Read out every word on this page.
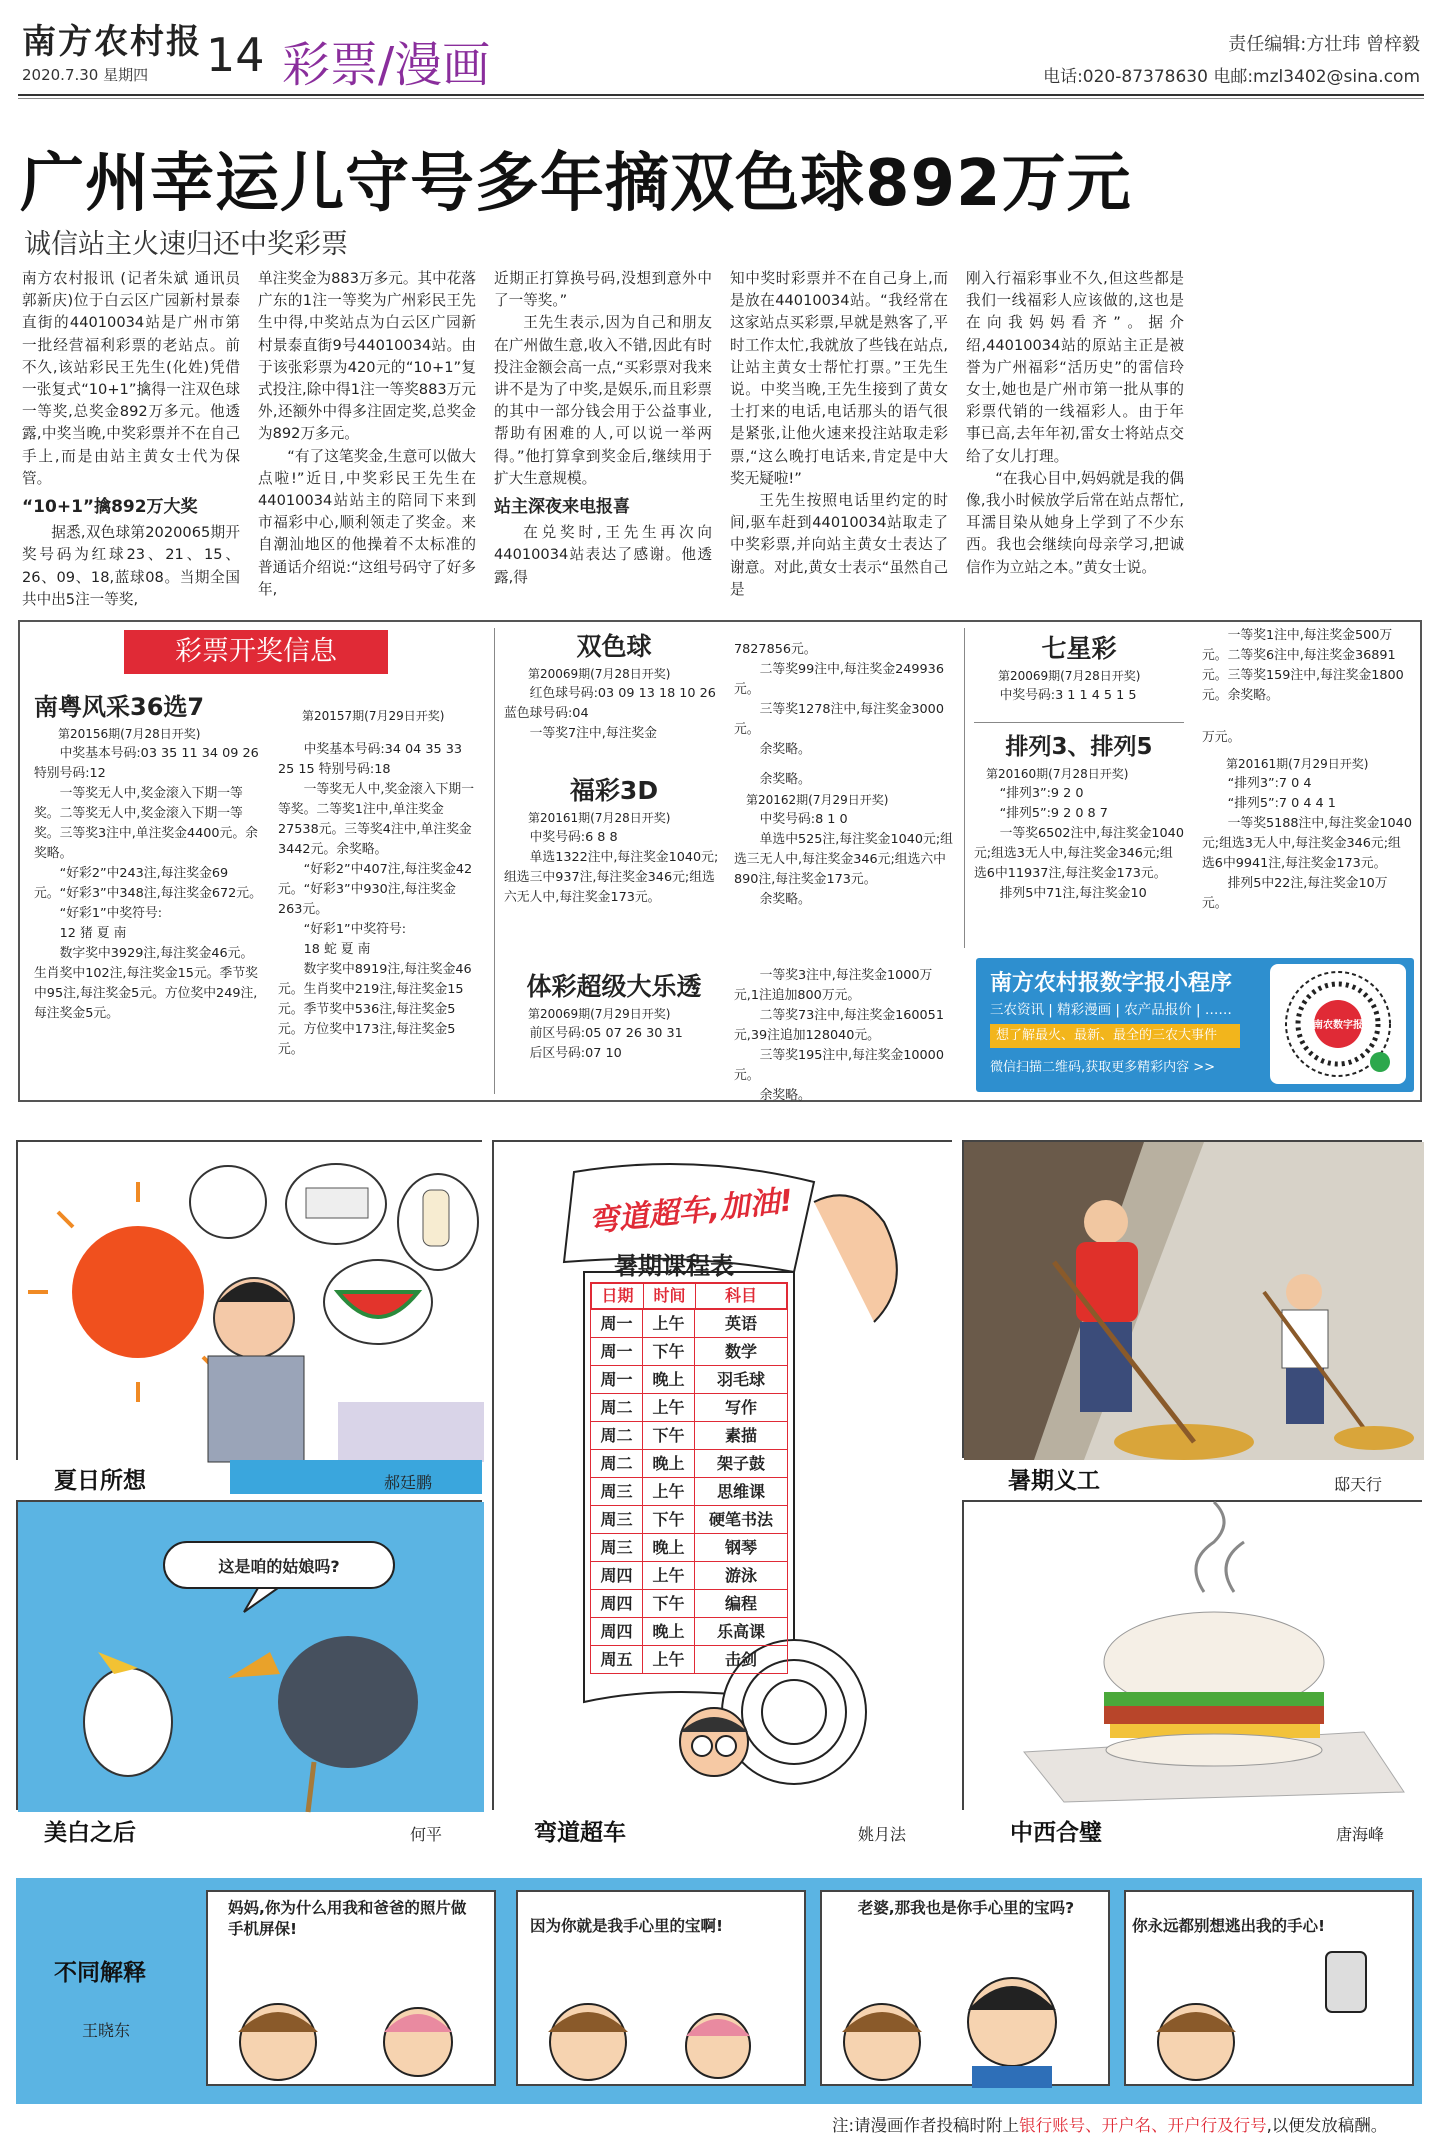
南方农村报
2020.7.30 星期四 14 彩票/漫画	责任编辑:方壮玮 曾梓毅
电话:020-87378630 电邮:mzl3402@sina.com
广州幸运儿守号多年摘双色球892万元
诚信站主火速归还中奖彩票

南方农村报讯 (记者朱斌 通讯员郭新庆)位于白云区广园新村景泰直街的44010034站是广州市第一批经营福利彩票的老站点。前不久,该站彩民王先生(化姓)凭借一张复式“10+1”擒得一注双色球一等奖,总奖金892万多元。他透露,中奖当晚,中奖彩票并不在自己手上,而是由站主黄女士代为保管。

“10+1”擒892万大奖

据悉,双色球第2020065期开奖号码为红球23、21、15、26、09、18,蓝球08。当期全国共中出5注一等奖,

单注奖金为883万多元。其中花落广东的1注一等奖为广州彩民王先生中得,中奖站点为白云区广园新村景泰直街9号44010034站。由于该张彩票为420元的“10+1”复式投注,除中得1注一等奖883万元外,还额外中得多注固定奖,总奖金为892万多元。

“有了这笔奖金,生意可以做大点啦!”近日,中奖彩民王先生在44010034站站主的陪同下来到市福彩中心,顺利领走了奖金。来自潮汕地区的他操着不太标准的普通话介绍说:“这组号码守了好多年,

近期正打算换号码,没想到意外中了一等奖。”

王先生表示,因为自己和朋友在广州做生意,收入不错,因此有时投注金额会高一点,“买彩票对我来讲不是为了中奖,是娱乐,而且彩票的其中一部分钱会用于公益事业,帮助有困难的人,可以说一举两得。”他打算拿到奖金后,继续用于扩大生意规模。

站主深夜来电报喜

在兑奖时,王先生再次向44010034站表达了感谢。他透露,得

知中奖时彩票并不在自己身上,而是放在44010034站。“我经常在这家站点买彩票,早就是熟客了,平时工作太忙,我就放了些钱在站点,让站主黄女士帮忙打票。”王先生说。中奖当晚,王先生接到了黄女士打来的电话,电话那头的语气很是紧张,让他火速来投注站取走彩票,“这么晚打电话来,肯定是中大奖无疑啦!”

王先生按照电话里约定的时间,驱车赶到44010034站取走了中奖彩票,并向站主黄女士表达了谢意。对此,黄女士表示“虽然自己是

刚入行福彩事业不久,但这些都是我们一线福彩人应该做的,这也是在向我妈妈看齐”。据介绍,44010034站的原站主正是被誉为广州福彩“活历史”的雷信玲女士,她也是广州市第一批从事的彩票代销的一线福彩人。由于年事已高,去年年初,雷女士将站点交给了女儿打理。

“在我心目中,妈妈就是我的偶像,我小时候放学后常在站点帮忙,耳濡目染从她身上学到了不少东西。我也会继续向母亲学习,把诚信作为立站之本。”黄女士说。

彩票开奖信息
南粤风采36选7
第20156期(7月28日开奖)

中奖基本号码:03 35 11 34 09 26 特别号码:12

一等奖无人中,奖金滚入下期一等奖。二等奖无人中,奖金滚入下期一等奖。三等奖3注中,单注奖金4400元。余奖略。

“好彩2”中243注,每注奖金69元。“好彩3”中348注,每注奖金672元。

“好彩1”中奖符号:

12 猪 夏 南

数字奖中3929注,每注奖金46元。生肖奖中102注,每注奖金15元。季节奖中95注,每注奖金5元。方位奖中249注,每注奖金5元。

第20157期(7月29日开奖)

中奖基本号码:34 04 35 33 25 15 特别号码:18

一等奖无人中,奖金滚入下期一等奖。二等奖1注中,单注奖金27538元。三等奖4注中,单注奖金3442元。余奖略。

“好彩2”中407注,每注奖金42元。“好彩3”中930注,每注奖金263元。

“好彩1”中奖符号:

18 蛇 夏 南

数字奖中8919注,每注奖金46元。生肖奖中219注,每注奖金15元。季节奖中536注,每注奖金5元。方位奖中173注,每注奖金5元。

双色球
第20069期(7月28日开奖)

红色球号码:03 09 13 18 10 26

蓝色球号码:04

一等奖7注中,每注奖金

福彩3D
第20161期(7月28日开奖)

中奖号码:6 8 8

单选1322注中,每注奖金1040元;组选三中937注,每注奖金346元;组选六无人中,每注奖金173元。

体彩超级大乐透
第20069期(7月29日开奖)

前区号码:05 07 26 30 31

后区号码:07 10

7827856元。

二等奖99注中,每注奖金249936元。

三等奖1278注中,每注奖金3000元。

余奖略。

余奖略。

第20162期(7月29日开奖)

中奖号码:8 1 0

单选中525注,每注奖金1040元;组选三无人中,每注奖金346元;组选六中890注,每注奖金173元。

余奖略。

一等奖3注中,每注奖金1000万元,1注追加800万元。

二等奖73注中,每注奖金160051元,39注追加128040元。

三等奖195注中,每注奖金10000元。

余奖略。

七星彩
第20069期(7月28日开奖)

中奖号码:3 1 1 4 5 1 5

排列3、排列5
第20160期(7月28日开奖)

“排列3”:9 2 0

“排列5”:9 2 0 8 7

一等奖6502注中,每注奖金1040元;组选3无人中,每注奖金346元;组选6中11937注,每注奖金173元。

排列5中71注,每注奖金10

一等奖1注中,每注奖金500万元。二等奖6注中,每注奖金36891元。三等奖159注中,每注奖金1800元。余奖略。

万元。

第20161期(7月29日开奖)

“排列3”:7 0 4

“排列5”:7 0 4 4 1

一等奖5188注中,每注奖金1040元;组选3无人中,每注奖金346元;组选6中9941注,每注奖金173元。

排列5中22注,每注奖金10万元。

南方农村报数字报小程序
三农资讯 | 精彩漫画 | 农产品报价 | ……
想了解最火、最新、最全的三农大事件
微信扫描二维码,获取更多精彩内容 >>
南农数字报
夏日所想	郝廷鹏	暑期义工	邸天行
这是咱的姑娘吗?
美白之后	何平	中西合璧	唐海峰
弯道超车,加油!
暑期课程表
日期	时间	科目
周一	上午	英语
周一	下午	数学
周一	晚上	羽毛球
周二	上午	写作
周二	下午	素描
周二	晚上	架子鼓
周三	上午	思维课
周三	下午	硬笔书法
周三	晚上	钢琴
周四	上午	游泳
周四	下午	编程
周四	晚上	乐高课
周五	上午	击剑
弯道超车	姚月法
不同解释
王晓东
妈妈,你为什么用我和爸爸的照片做手机屏保!	因为你就是我手心里的宝啊!
老婆,那我也是你手心里的宝吗?
你永远都别想逃出我的手心!
注:请漫画作者投稿时附上银行账号、开户名、开户行及行号,以便发放稿酬。
